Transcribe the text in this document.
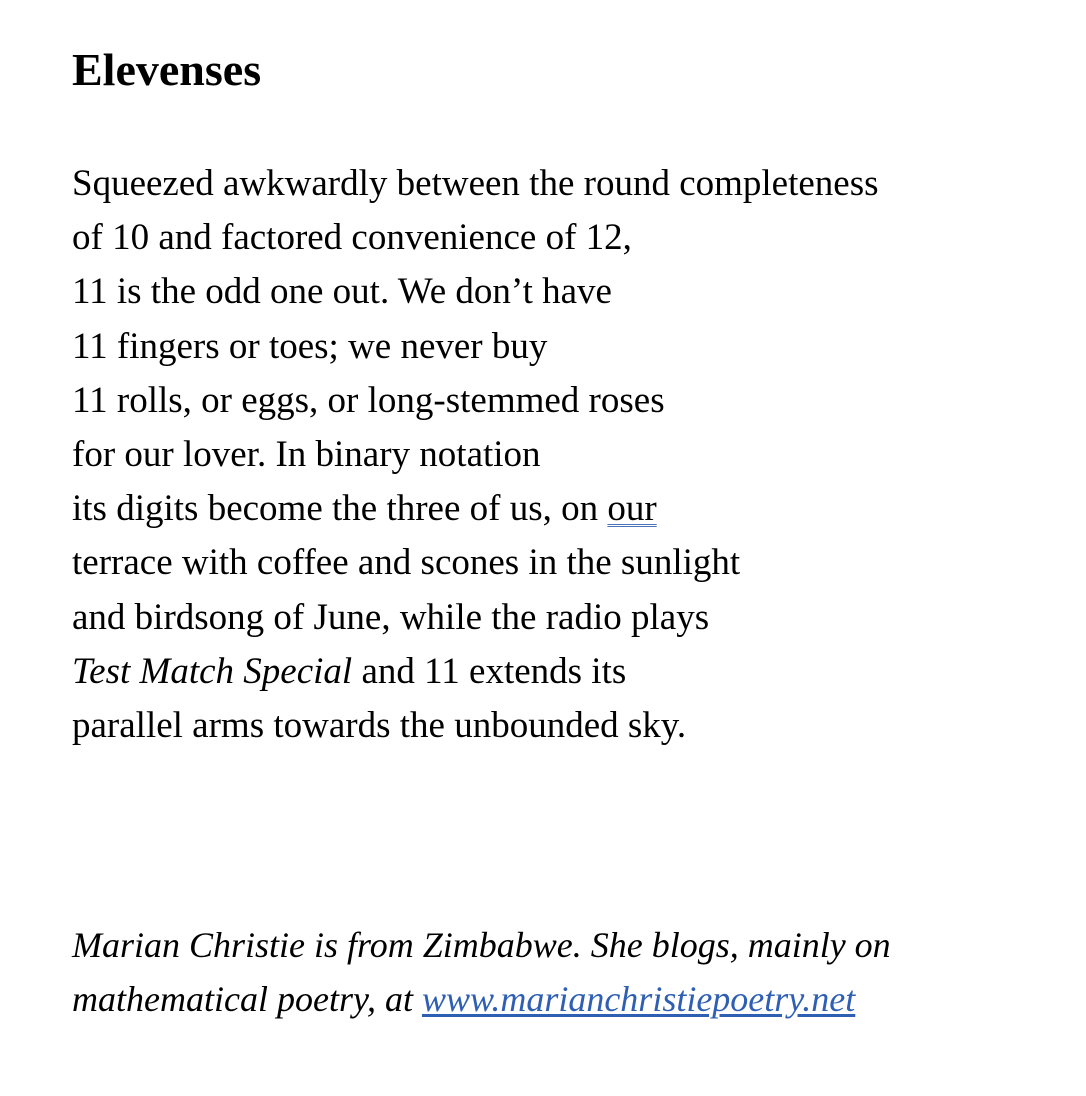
Elevenses
Squeezed awkwardly between the round completeness
of 10 and factored convenience of 12,
11 is the odd one out. We don’t have
11 fingers or toes; we never buy
11 rolls, or eggs, or long-stemmed roses
for our lover. In binary notation
its digits become the three of us, on our
terrace with coffee and scones in the sunlight
and birdsong of June, while the radio plays
Test Match Special and 11 extends its
parallel arms towards the unbounded sky.
Marian Christie is from Zimbabwe. She blogs, mainly on
mathematical poetry, at www.marianchristiepoetry.net
